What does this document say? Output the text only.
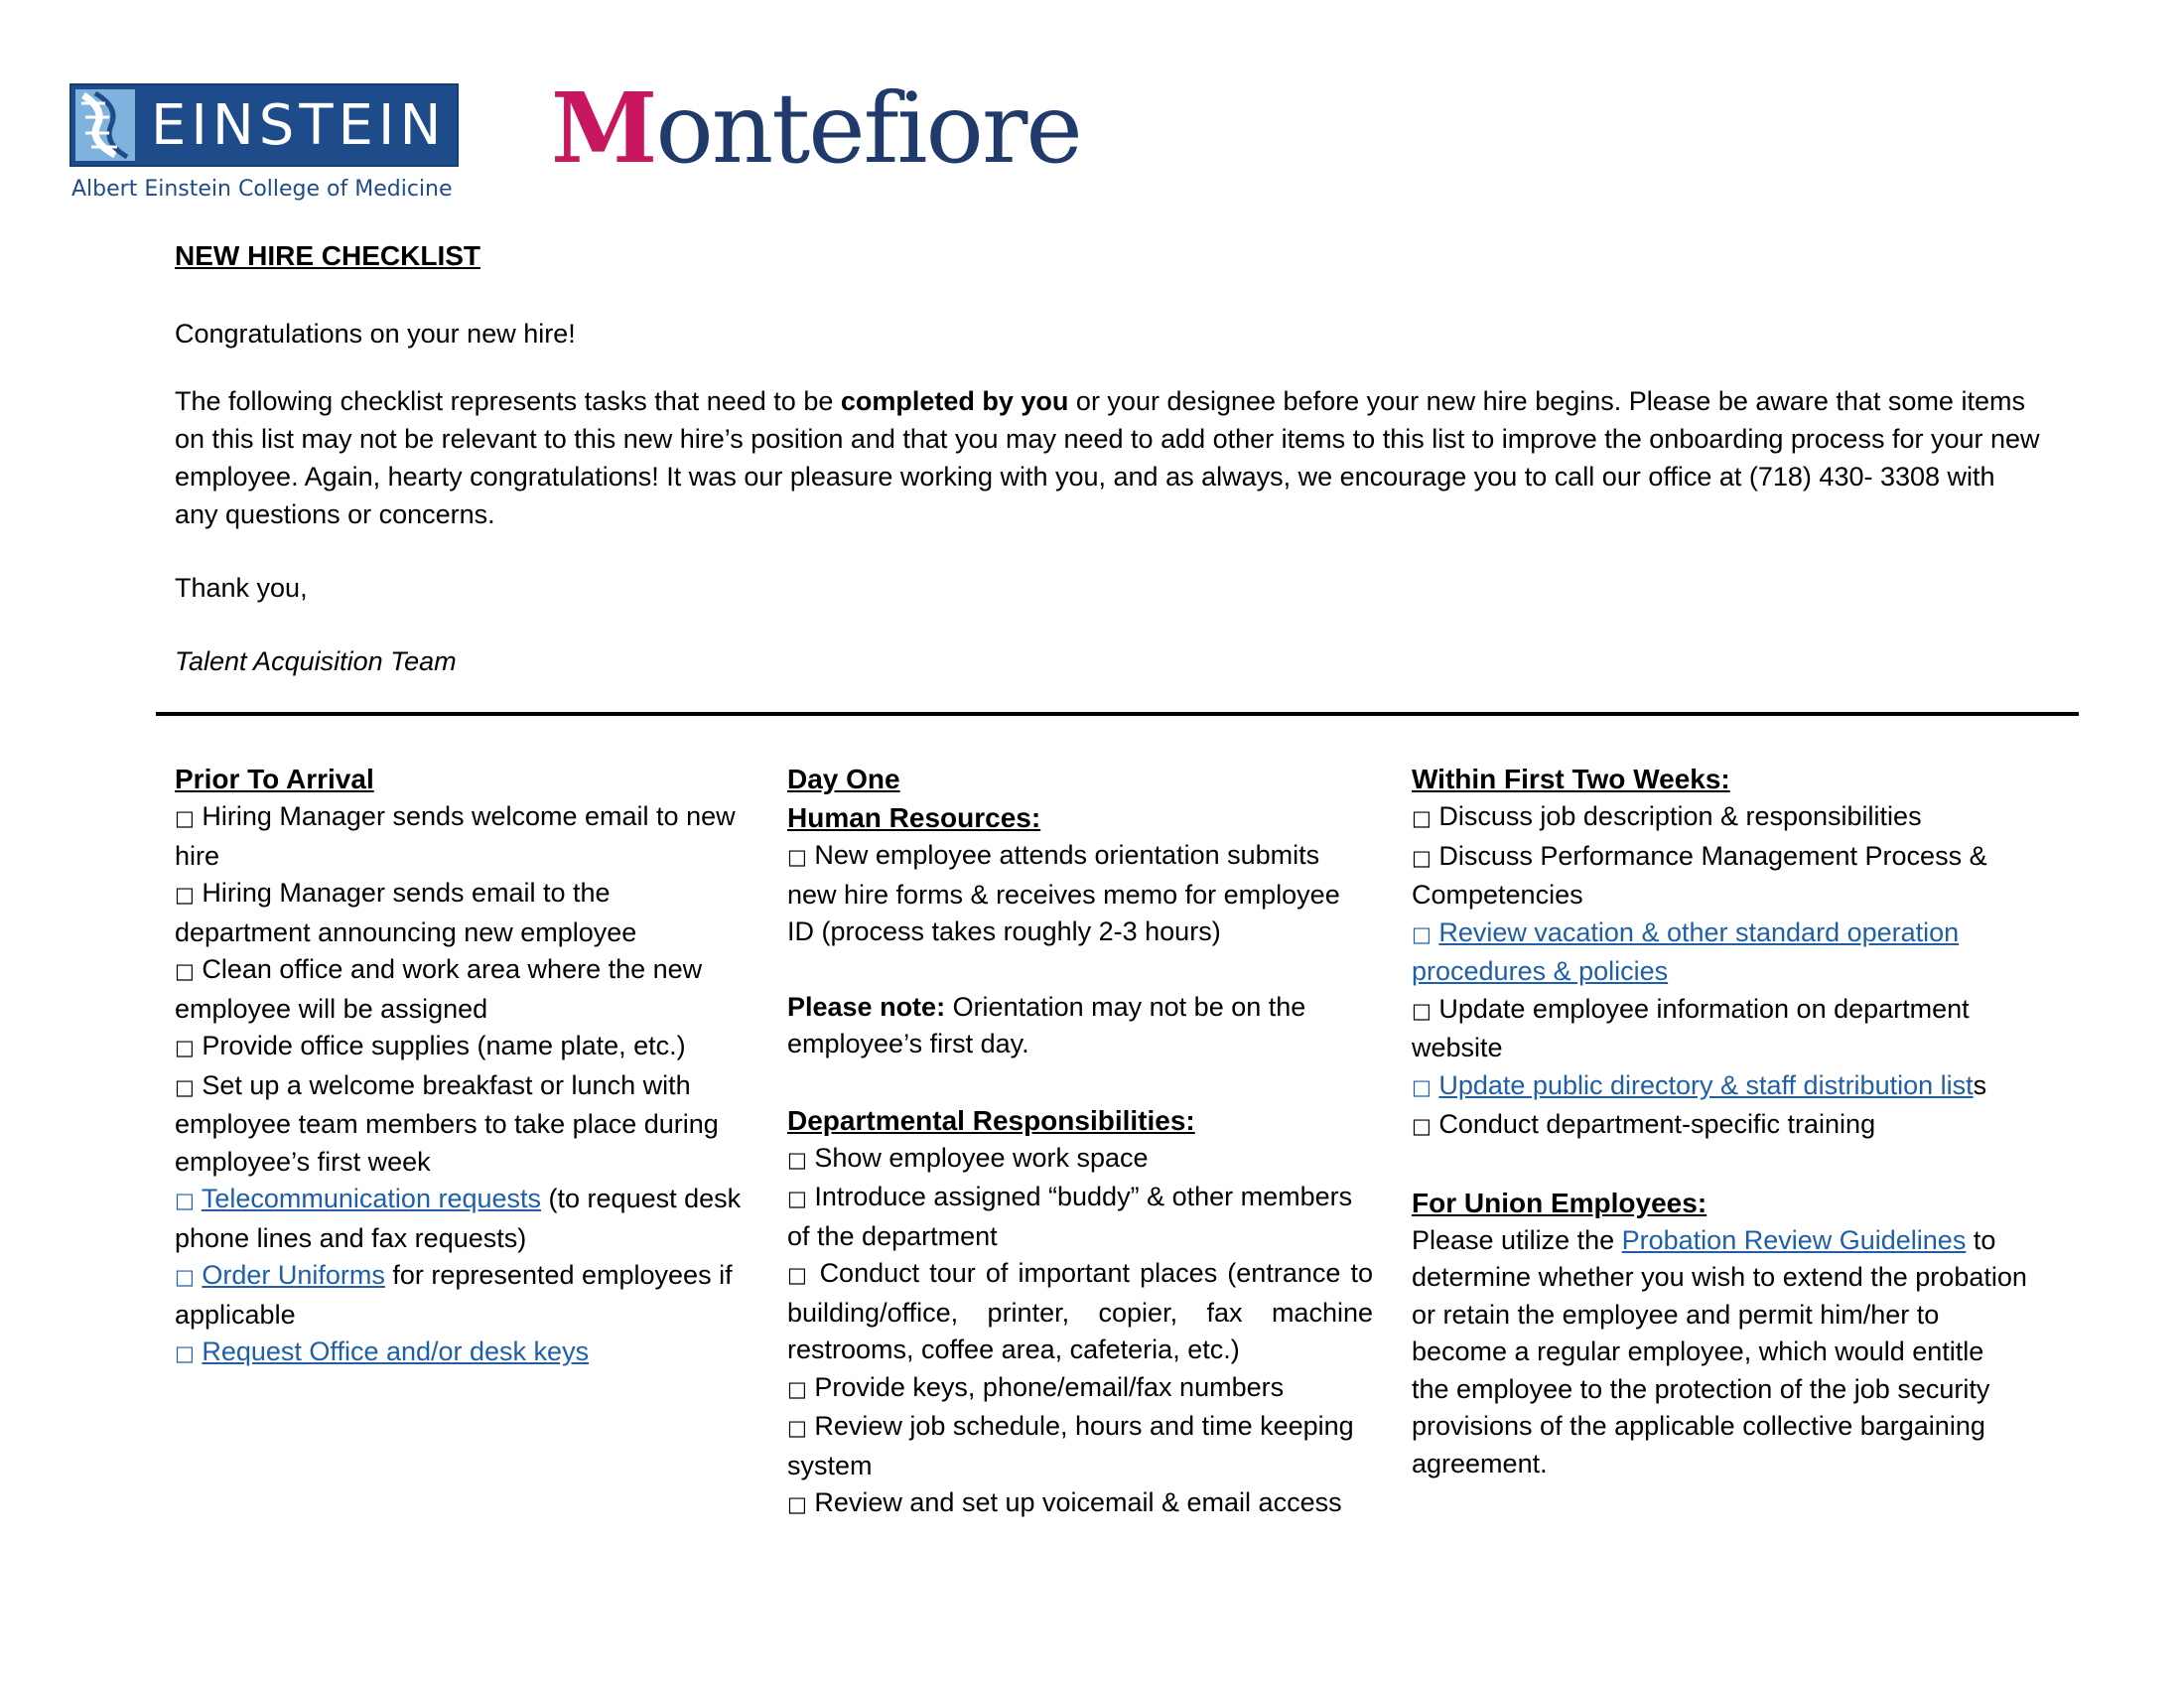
EINSTEIN
Albert Einstein College of Medicine
Montefiore
NEW HIRE CHECKLIST

Congratulations on your new hire!

The following checklist represents tasks that need to be completed by you or your designee before your new hire begins. Please be aware that some items on this list may not be relevant to this new hire’s position and that you may need to add other items to this list to improve the onboarding process for your new employee. Again, hearty congratulations! It was our pleasure working with you, and as always, we encourage you to call our office at (718) 430- 3308 with any questions or concerns.

Thank you,

Talent Acquisition Team

Prior To Arrival
□ Hiring Manager sends welcome email to new hire
□ Hiring Manager sends email to the department announcing new employee
□ Clean office and work area where the new employee will be assigned
□ Provide office supplies (name plate, etc.)
□ Set up a welcome breakfast or lunch with employee team members to take place during employee’s first week
□ Telecommunication requests (to request desk phone lines and fax requests)
□ Order Uniforms for represented employees if applicable
□ Request Office and/or desk keys
Day One
Human Resources:
□ New employee attends orientation submits new hire forms & receives memo for employee ID (process takes roughly 2-3 hours)
Please note: Orientation may not be on the employee’s first day.
Departmental Responsibilities:
□ Show employee work space
□ Introduce assigned “buddy” & other members of the department
□ Conduct tour of important places (entrance to building/office, printer, copier, fax machine restrooms, coffee area, cafeteria, etc.)
□ Provide keys, phone/email/fax numbers
□ Review job schedule, hours and time keeping system
□ Review and set up voicemail & email access
Within First Two Weeks:
□ Discuss job description & responsibilities
□ Discuss Performance Management Process & Competencies
□ Review vacation & other standard operation procedures & policies
□ Update employee information on department website
□ Update public directory & staff distribution lists
□ Conduct department-specific training
For Union Employees:
Please utilize the Probation Review Guidelines to determine whether you wish to extend the probation or retain the employee and permit him/her to become a regular employee, which would entitle the employee to the protection of the job security provisions of the applicable collective bargaining agreement.
